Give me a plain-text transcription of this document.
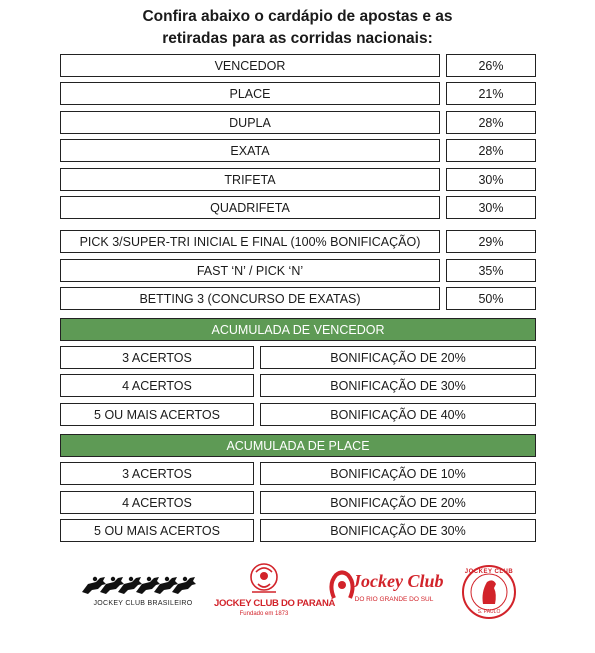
Confira abaixo o cardápio de apostas e as
retiradas para as corridas nacionais:
VENCEDOR	26%
PLACE	21%
DUPLA	28%
EXATA	28%
TRIFETA	30%
QUADRIFETA	30%
PICK 3/SUPER-TRI INICIAL E FINAL (100% BONIFICAÇÃO)	29%
FAST ‘N’ / PICK ‘N’	35%
BETTING 3 (CONCURSO DE EXATAS)	50%
ACUMULADA DE VENCEDOR
3 ACERTOS	BONIFICAÇÃO DE 20%
4 ACERTOS	BONIFICAÇÃO DE 30%
5 OU MAIS ACERTOS	BONIFICAÇÃO DE 40%
ACUMULADA DE PLACE
3 ACERTOS	BONIFICAÇÃO DE 10%
4 ACERTOS	BONIFICAÇÃO DE 20%
5 OU MAIS ACERTOS	BONIFICAÇÃO DE 30%
JOCKEY CLUB BRASILEIRO	JOCKEY CLUB DO PARANÁ
Fundado em 1873
Jockey Club
DO RIO GRANDE DO SUL
JOCKEY CLUB
S. PAULO
